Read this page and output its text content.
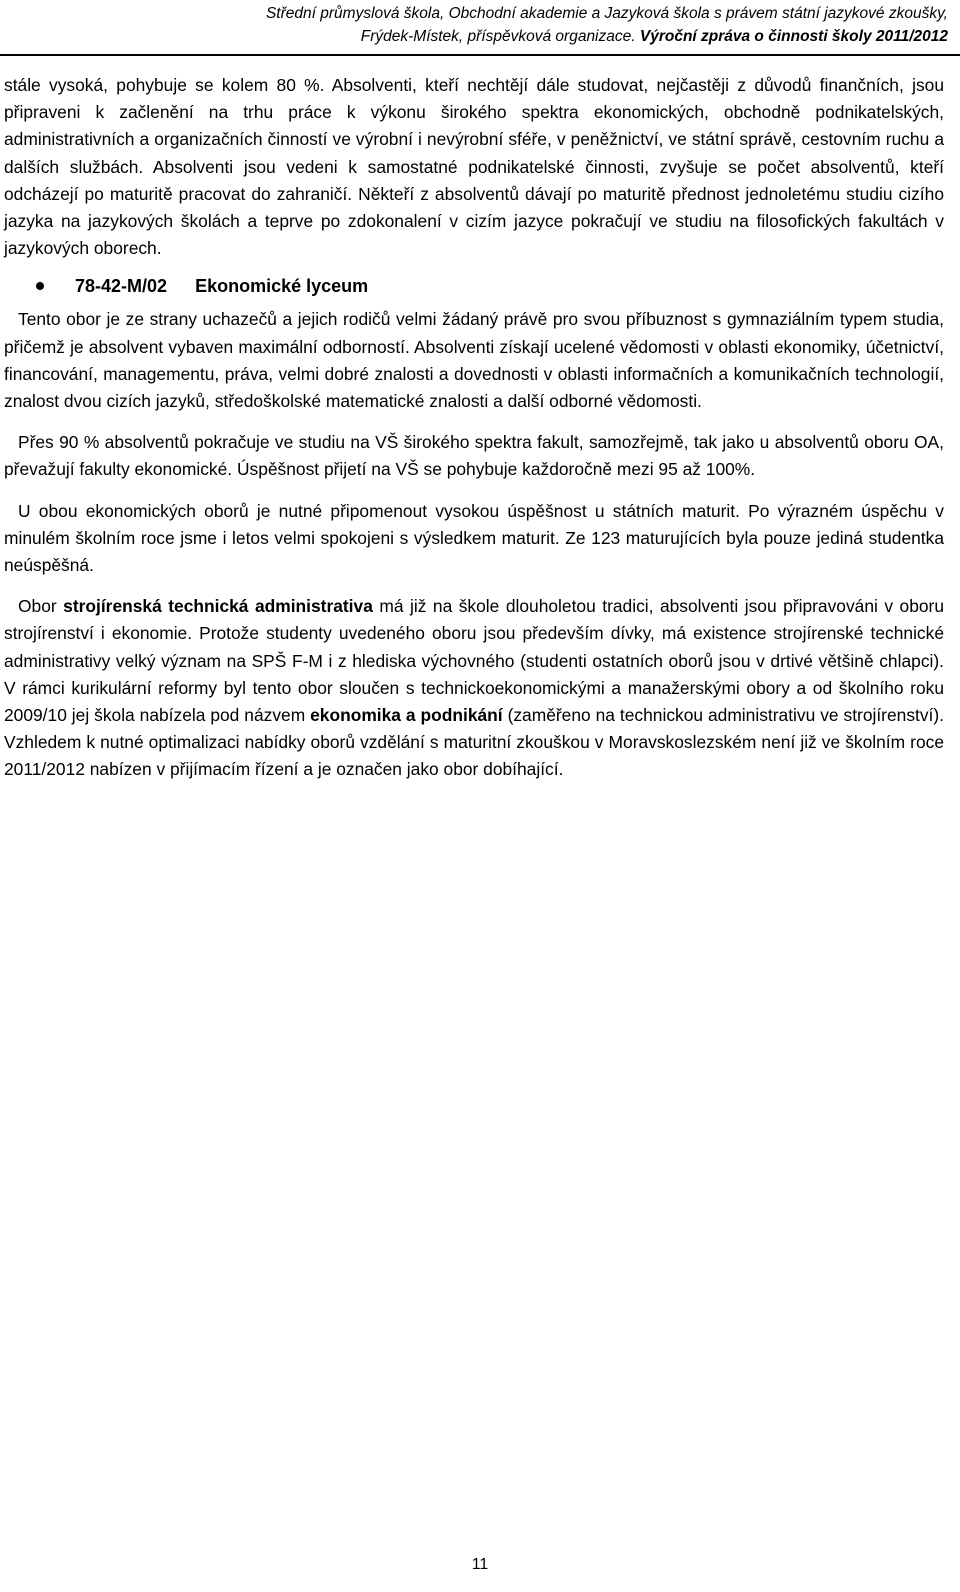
Střední průmyslová škola, Obchodní akademie a Jazyková škola s právem státní jazykové zkoušky,
Frýdek-Místek, příspěvková organizace. Výroční zpráva o činnosti školy 2011/2012

stále vysoká, pohybuje se kolem 80 %. Absolventi, kteří nechtějí dále studovat, nejčastěji z důvodů finančních, jsou připraveni k začlenění na trhu práce k výkonu širokého spektra ekonomických, obchodně podnikatelských, administrativních a organizačních činností ve výrobní i nevýrobní sféře, v peněžnictví, ve státní správě, cestovním ruchu a dalších službách. Absolventi jsou vedeni k samostatné podnikatelské činnosti, zvyšuje se počet absolventů, kteří odcházejí po maturitě pracovat do zahraničí. Někteří z absolventů dávají po maturitě přednost jednoletému studiu cizího jazyka na jazykových školách a teprve po zdokonalení v cizím jazyce pokračují ve studiu na filosofických fakultách v jazykových oborech.

78-42-M/02 Ekonomické lyceum

Tento obor je ze strany uchazečů a jejich rodičů velmi žádaný právě pro svou příbuznost s gymnaziálním typem studia, přičemž je absolvent vybaven maximální odborností. Absolventi získají ucelené vědomosti v oblasti ekonomiky, účetnictví, financování, managementu, práva, velmi dobré znalosti a dovednosti v oblasti informačních a komunikačních technologií, znalost dvou cizích jazyků, středoškolské matematické znalosti a další odborné vědomosti.

Přes 90 % absolventů pokračuje ve studiu na VŠ širokého spektra fakult, samozřejmě, tak jako u absolventů oboru OA, převažují fakulty ekonomické. Úspěšnost přijetí na VŠ se pohybuje každoročně mezi 95 až 100%.

U obou ekonomických oborů je nutné připomenout vysokou úspěšnost u státních maturit. Po výrazném úspěchu v minulém školním roce jsme i letos velmi spokojeni s výsledkem maturit. Ze 123 maturujících byla pouze jediná studentka neúspěšná.

Obor strojírenská technická administrativa má již na škole dlouholetou tradici, absolventi jsou připravováni v oboru strojírenství i ekonomie. Protože studenty uvedeného oboru jsou především dívky, má existence strojírenské technické administrativy velký význam na SPŠ F-M i z hlediska výchovného (studenti ostatních oborů jsou v drtivé většině chlapci). V rámci kurikulární reformy byl tento obor sloučen s technickoekonomickými a manažerskými obory a od školního roku 2009/10 jej škola nabízela pod názvem ekonomika a podnikání (zaměřeno na technickou administrativu ve strojírenství). Vzhledem k nutné optimalizaci nabídky oborů vzdělání s maturitní zkouškou v Moravskoslezském není již ve školním roce 2011/2012 nabízen v přijímacím řízení a je označen jako obor dobíhající.

11
